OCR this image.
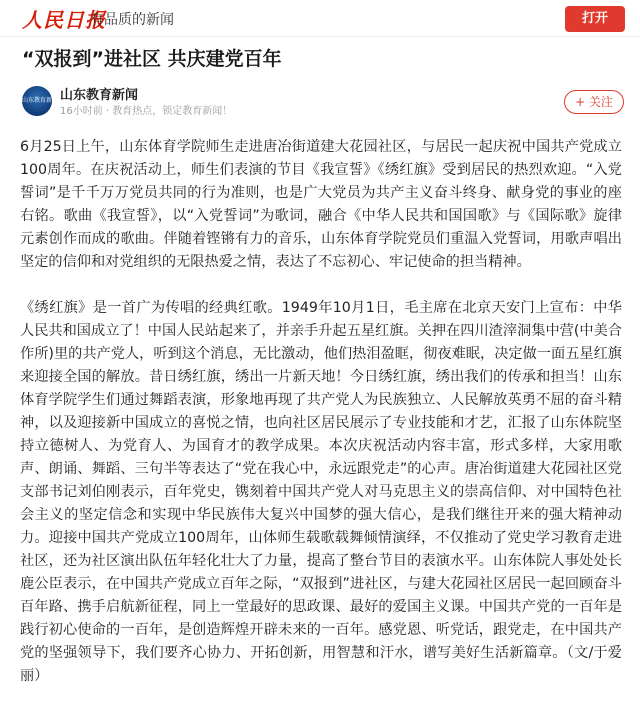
人民日报
有品质的新闻	打开
“双报到”进社区 共庆建党百年
山东教育新闻
山东教育新闻
16小时前 · 教育热点，锁定教育新闻！
+ 关注

6月25日上午，山东体育学院师生走进唐冶街道建大花园社区，与居民一起庆祝中国共产党成立100周年。在庆祝活动上，师生们表演的节目《我宣誓》《绣红旗》受到居民的热烈欢迎。“入党誓词”是千千万万党员共同的行为准则，也是广大党员为共产主义奋斗终身、献身党的事业的座右铭。歌曲《我宣誓》，以“入党誓词”为歌词，融合《中华人民共和国国歌》与《国际歌》旋律元素创作而成的歌曲。伴随着铿锵有力的音乐，山东体育学院党员们重温入党誓词，用歌声唱出坚定的信仰和对党组织的无限热爱之情，表达了不忘初心、牢记使命的担当精神。

《绣红旗》是一首广为传唱的经典红歌。1949年10月1日，毛主席在北京天安门上宣布：中华人民共和国成立了！中国人民站起来了，并亲手升起五星红旗。关押在四川渣滓洞集中营(中美合作所)里的共产党人，听到这个消息，无比激动，他们热泪盈眶，彻夜难眠，决定做一面五星红旗来迎接全国的解放。昔日绣红旗，绣出一片新天地！今日绣红旗，绣出我们的传承和担当！山东体育学院学生们通过舞蹈表演，形象地再现了共产党人为民族独立、人民解放英勇不屈的奋斗精神，以及迎接新中国成立的喜悦之情，也向社区居民展示了专业技能和才艺，汇报了山东体院坚持立德树人、为党育人、为国育才的教学成果。本次庆祝活动内容丰富，形式多样，大家用歌声、朗诵、舞蹈、三句半等表达了“党在我心中，永远跟党走”的心声。唐冶街道建大花园社区党支部书记刘伯刚表示，百年党史，镌刻着中国共产党人对马克思主义的崇高信仰、对中国特色社会主义的坚定信念和实现中华民族伟大复兴中国梦的强大信心，是我们继往开来的强大精神动力。迎接中国共产党成立100周年，山体师生载歌载舞倾情演绎，不仅推动了党史学习教育走进社区，还为社区演出队伍年轻化壮大了力量，提高了整台节目的表演水平。山东体院人事处处长鹿公臣表示，在中国共产党成立百年之际，“双报到”进社区，与建大花园社区居民一起回顾奋斗百年路、携手启航新征程，同上一堂最好的思政课、最好的爱国主义课。中国共产党的一百年是践行初心使命的一百年，是创造辉煌开辟未来的一百年。感党恩、听党话，跟党走，在中国共产党的坚强领导下，我们要齐心协力、开拓创新，用智慧和汗水，谱写美好生活新篇章。（文/于爱丽）
